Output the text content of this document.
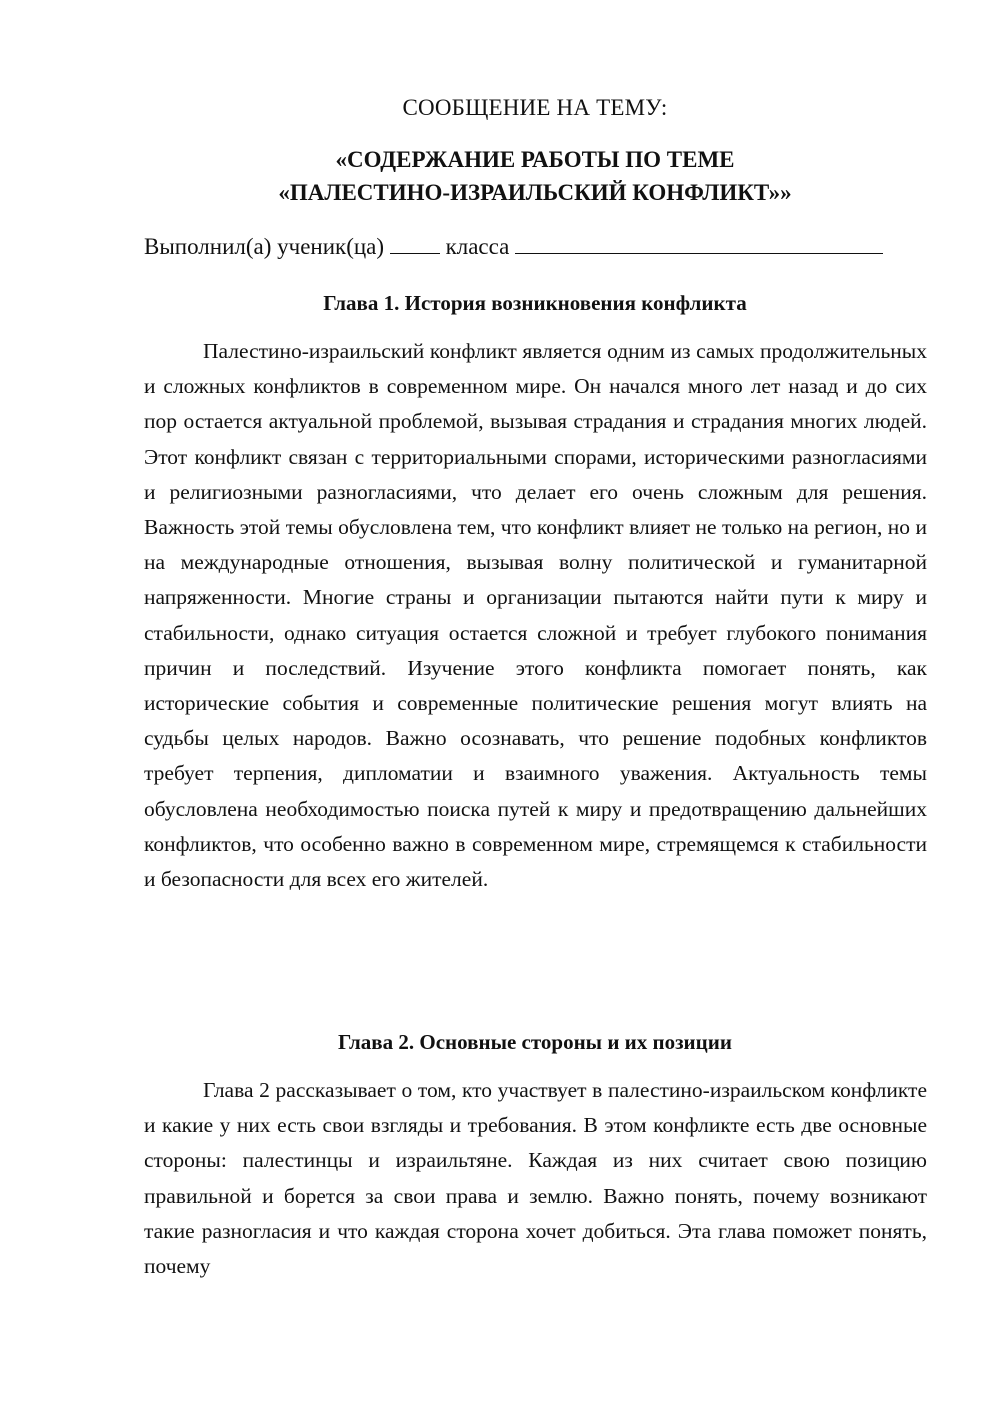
СООБЩЕНИЕ НА ТЕМУ:
«СОДЕРЖАНИЕ РАБОТЫ ПО ТЕМЕ
«ПАЛЕСТИНО-ИЗРАИЛЬСКИЙ КОНФЛИКТ»»
Выполнил(а) ученик(ца)	класса
Глава 1. История возникновения конфликта

Палестино-израильский конфликт является одним из самых продолжительных и сложных конфликтов в современном мире. Он начался много лет назад и до сих пор остается актуальной проблемой, вызывая страдания и страдания многих людей. Этот конфликт связан с территориальными спорами, историческими разногласиями и религиозными разногласиями, что делает его очень сложным для решения. Важность этой темы обусловлена тем, что конфликт влияет не только на регион, но и на международные отношения, вызывая волну политической и гуманитарной напряженности. Многие страны и организации пытаются найти пути к миру и стабильности, однако ситуация остается сложной и требует глубокого понимания причин и последствий. Изучение этого конфликта помогает понять, как исторические события и современные политические решения могут влиять на судьбы целых народов. Важно осознавать, что решение подобных конфликтов требует терпения, дипломатии и взаимного уважения. Актуальность темы обусловлена необходимостью поиска путей к миру и предотвращению дальнейших конфликтов, что особенно важно в современном мире, стремящемся к стабильности и безопасности для всех его жителей.

Глава 2. Основные стороны и их позиции

Глава 2 рассказывает о том, кто участвует в палестино-израильском конфликте и какие у них есть свои взгляды и требования. В этом конфликте есть две основные стороны: палестинцы и израильтяне. Каждая из них считает свою позицию правильной и борется за свои права и землю. Важно понять, почему возникают такие разногласия и что каждая сторона хочет добиться. Эта глава поможет понять, почему
